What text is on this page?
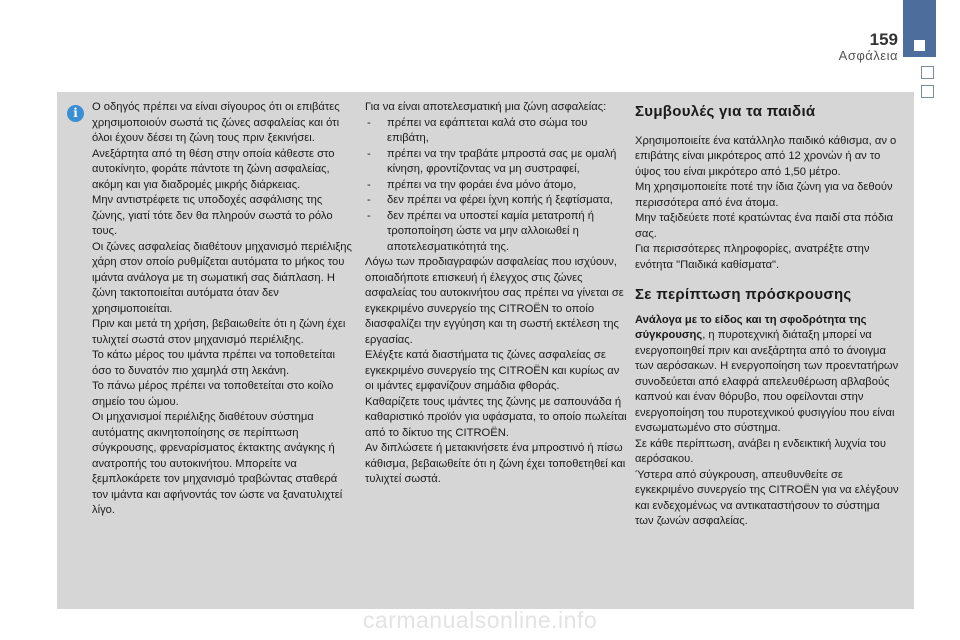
159
Ασφάλεια
i	Ο οδηγός πρέπει να είναι σίγουρος ότι οι επιβάτες χρησιμοποιούν σωστά τις ζώνες ασφαλείας και ότι όλοι έχουν δέσει τη ζώνη τους πριν ξεκινήσει.

Ανεξάρτητα από τη θέση στην οποία κάθεστε στο αυτοκίνητο, φοράτε πάντοτε τη ζώνη ασφαλείας, ακόμη και για διαδρομές μικρής διάρκειας.

Μην αντιστρέφετε τις υποδοχές ασφάλισης της ζώνης, γιατί τότε δεν θα πληρούν σωστά το ρόλο τους.

Οι ζώνες ασφαλείας διαθέτουν μηχανισμό περιέλιξης χάρη στον οποίο ρυθμίζεται αυτόματα το μήκος του ιμάντα ανάλογα με τη σωματική σας διάπλαση. Η ζώνη τακτοποιείται αυτόματα όταν δεν χρησιμοποιείται.

Πριν και μετά τη χρήση, βεβαιωθείτε ότι η ζώνη έχει τυλιχτεί σωστά στον μηχανισμό περιέλιξης.

Το κάτω μέρος του ιμάντα πρέπει να τοποθετείται όσο το δυνατόν πιο χαμηλά στη λεκάνη.

Το πάνω μέρος πρέπει να τοποθετείται στο κοίλο σημείο του ώμου.

Οι μηχανισμοί περιέλιξης διαθέτουν σύστημα αυτόματης ακινητοποίησης σε περίπτωση σύγκρουσης, φρεναρίσματος έκτακτης ανάγκης ή ανατροπής του αυτοκινήτου. Μπορείτε να ξεμπλοκάρετε τον μηχανισμό τραβώντας σταθερά τον ιμάντα και αφήνοντάς τον ώστε να ξανατυλιχτεί λίγο.

Για να είναι αποτελεσματική μια ζώνη ασφαλείας:

- πρέπει να εφάπτεται καλά στο σώμα του επιβάτη,
- πρέπει να την τραβάτε μπροστά σας με ομαλή κίνηση, φροντίζοντας να μη συστραφεί,
- πρέπει να την φοράει ένα μόνο άτομο,
- δεν πρέπει να φέρει ίχνη κοπής ή ξεφτίσματα,
- δεν πρέπει να υποστεί καμία μετατροπή ή τροποποίηση ώστε να μην αλλοιωθεί η αποτελεσματικότητά της.

Λόγω των προδιαγραφών ασφαλείας που ισχύουν, οποιαδήποτε επισκευή ή έλεγχος στις ζώνες ασφαλείας του αυτοκινήτου σας πρέπει να γίνεται σε εγκεκριμένο συνεργείο της CITROËN το οποίο διασφαλίζει την εγγύηση και τη σωστή εκτέλεση της εργασίας.

Ελέγξτε κατά διαστήματα τις ζώνες ασφαλείας σε εγκεκριμένο συνεργείο της CITROËN και κυρίως αν οι ιμάντες εμφανίζουν σημάδια φθοράς.

Καθαρίζετε τους ιμάντες της ζώνης με σαπουνάδα ή καθαριστικό προϊόν για υφάσματα, το οποίο πωλείται από το δίκτυο της CITROËN.

Αν διπλώσετε ή μετακινήσετε ένα μπροστινό ή πίσω κάθισμα, βεβαιωθείτε ότι η ζώνη έχει τοποθετηθεί και τυλιχτεί σωστά.

Συμβουλές για τα παιδιά

Χρησιμοποιείτε ένα κατάλληλο παιδικό κάθισμα, αν ο επιβάτης είναι μικρότερος από 12 χρονών ή αν το ύψος του είναι μικρότερο από 1,50 μέτρο.

Μη χρησιμοποιείτε ποτέ την ίδια ζώνη για να δεθούν περισσότερα από ένα άτομα.

Μην ταξιδεύετε ποτέ κρατώντας ένα παιδί στα πόδια σας.

Για περισσότερες πληροφορίες, ανατρέξτε στην ενότητα "Παιδικά καθίσματα".

Σε περίπτωση πρόσκρουσης

Ανάλογα με το είδος και τη σφοδρότητα της σύγκρουσης, η πυροτεχνική διάταξη μπορεί να ενεργοποιηθεί πριν και ανεξάρτητα από το άνοιγμα των αερόσακων. Η ενεργοποίηση των προεντατήρων συνοδεύεται από ελαφρά απελευθέρωση αβλαβούς καπνού και έναν θόρυβο, που οφείλονται στην ενεργοποίηση του πυροτεχνικού φυσιγγίου που είναι ενσωματωμένο στο σύστημα.

Σε κάθε περίπτωση, ανάβει η ενδεικτική λυχνία του αερόσακου.

Ύστερα από σύγκρουση, απευθυνθείτε σε εγκεκριμένο συνεργείο της CITROËN για να ελέγξουν και ενδεχομένως να αντικαταστήσουν το σύστημα των ζωνών ασφαλείας.

carmanualsonline.info
